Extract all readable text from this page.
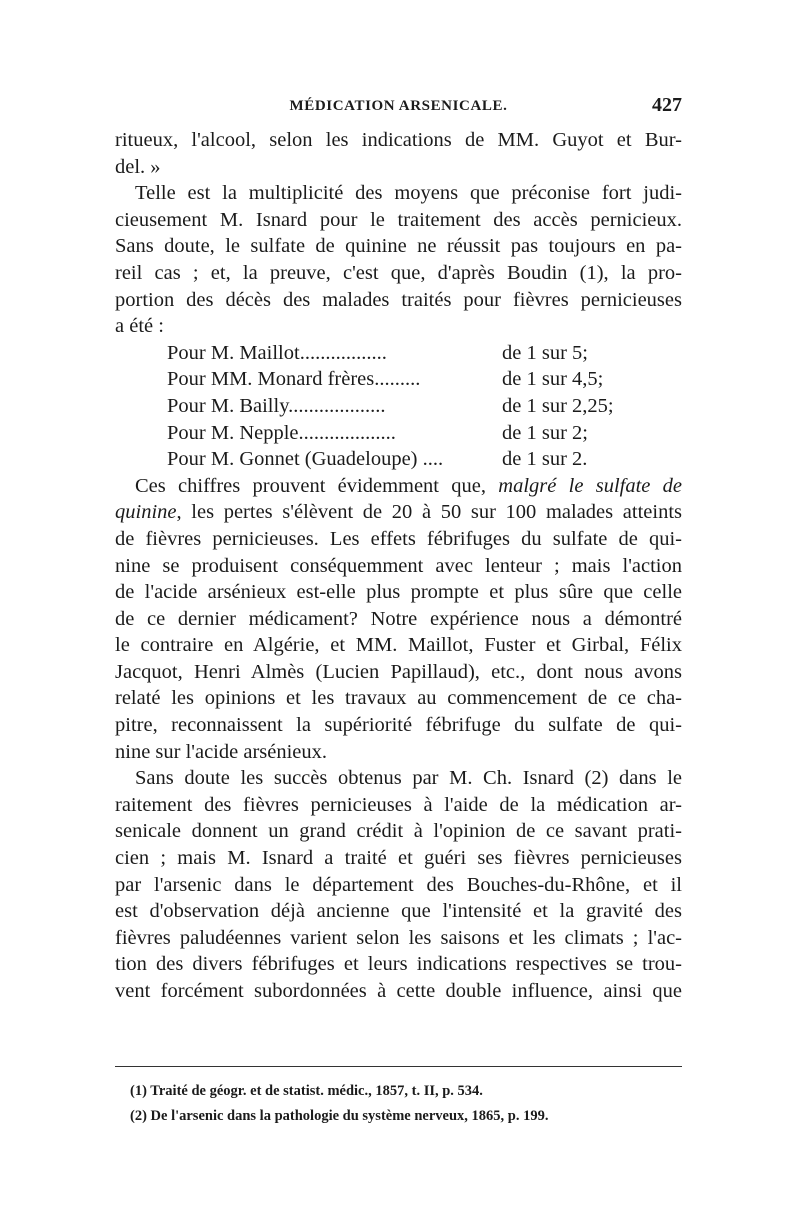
MÉDICATION ARSENICALE.	427
ritueux, l'alcool, selon les indications de MM. Guyot et Bur-
del. »
Telle est la multiplicité des moyens que préconise fort judi-
cieusement M. Isnard pour le traitement des accès pernicieux.
Sans doute, le sulfate de quinine ne réussit pas toujours en pa-
reil cas ; et, la preuve, c'est que, d'après Boudin (1), la pro-
portion des décès des malades traités pour fièvres pernicieuses
a été :
Pour M. Maillot.................	de 1 sur 5;
Pour MM. Monard frères.........	de 1 sur 4,5;
Pour M. Bailly...................	de 1 sur 2,25;
Pour M. Nepple...................	de 1 sur 2;
Pour M. Gonnet (Guadeloupe) ....	de 1 sur 2.
Ces chiffres prouvent évidemment que, malgré le sulfate de
quinine, les pertes s'élèvent de 20 à 50 sur 100 malades atteints
de fièvres pernicieuses. Les effets fébrifuges du sulfate de qui-
nine se produisent conséquemment avec lenteur ; mais l'action
de l'acide arsénieux est-elle plus prompte et plus sûre que celle
de ce dernier médicament? Notre expérience nous a démontré
le contraire en Algérie, et MM. Maillot, Fuster et Girbal, Félix
Jacquot, Henri Almès (Lucien Papillaud), etc., dont nous avons
relaté les opinions et les travaux au commencement de ce cha-
pitre, reconnaissent la supériorité fébrifuge du sulfate de qui-
nine sur l'acide arsénieux.
Sans doute les succès obtenus par M. Ch. Isnard (2) dans le
raitement des fièvres pernicieuses à l'aide de la médication ar-
senicale donnent un grand crédit à l'opinion de ce savant prati-
cien ; mais M. Isnard a traité et guéri ses fièvres pernicieuses
par l'arsenic dans le département des Bouches-du-Rhône, et il
est d'observation déjà ancienne que l'intensité et la gravité des
fièvres paludéennes varient selon les saisons et les climats ; l'ac-
tion des divers fébrifuges et leurs indications respectives se trou-
vent forcément subordonnées à cette double influence, ainsi que
(1) Traité de géogr. et de statist. médic., 1857, t. II, p. 534.
(2) De l'arsenic dans la pathologie du système nerveux, 1865, p. 199.
